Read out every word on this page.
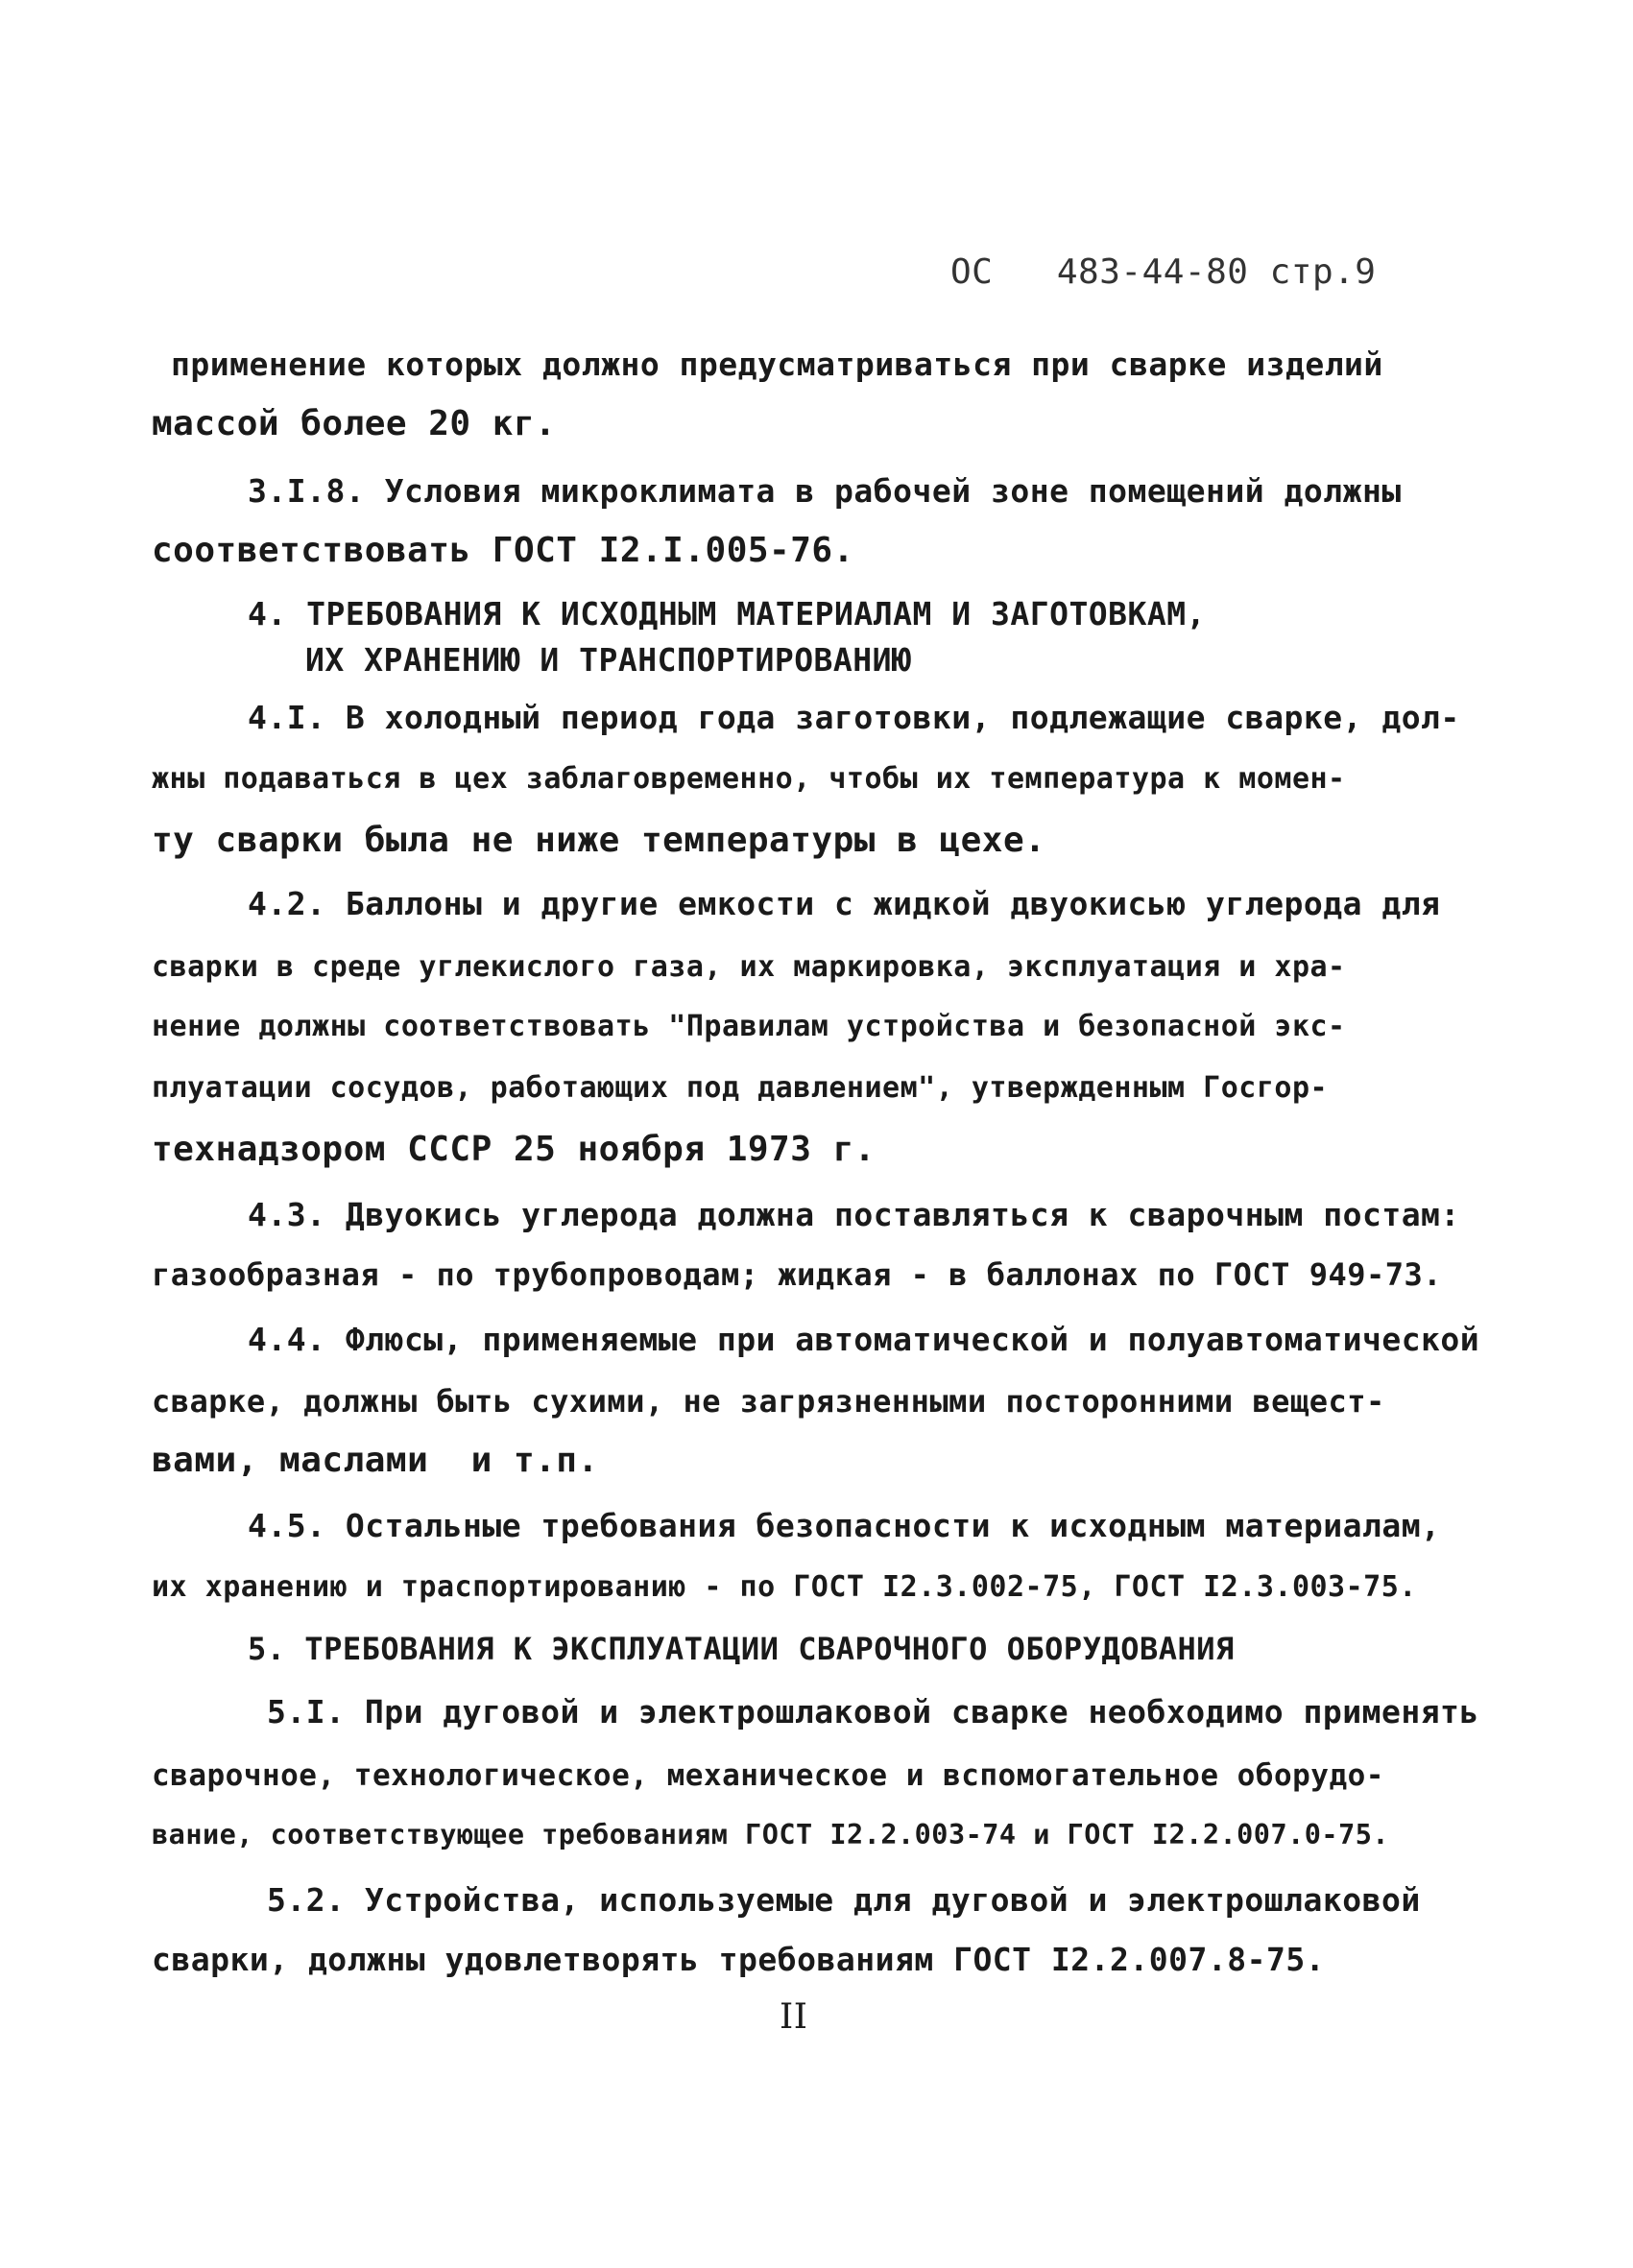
ОС   483-44-80 стр.9
применение которых должно предусматриваться при сварке изделий
массой более 20 кг.
3.I.8. Условия микроклимата в рабочей зоне помещений должны
соответствовать ГОСТ I2.I.005-76.
4. ТРЕБОВАНИЯ К ИСХОДНЫМ МАТЕРИАЛАМ И ЗАГОТОВКАМ,
ИХ ХРАНЕНИЮ И ТРАНСПОРТИРОВАНИЮ
4.I. В холодный период года заготовки, подлежащие сварке, дол-
жны подаваться в цех заблаговременно, чтобы их температура к момен-
ту сварки была не ниже температуры в цехе.
4.2. Баллоны и другие емкости с жидкой двуокисью углерода для
сварки в среде углекислого газа, их маркировка, эксплуатация и хра-
нение должны соответствовать "Правилам устройства и безопасной экс-
плуатации сосудов, работающих под давлением", утвержденным Госгор-
технадзором СССР 25 ноября 1973 г.
4.3. Двуокись углерода должна поставляться к сварочным постам:
газообразная - по трубопроводам; жидкая - в баллонах по ГОСТ 949-73.
4.4. Флюсы, применяемые при автоматической и полуавтоматической
сварке, должны быть сухими, не загрязненными посторонними вещест-
вами, маслами  и т.п.
4.5. Остальные требования безопасности к исходным материалам,
их хранению и траспортированию - по ГОСТ I2.3.002-75, ГОСТ I2.3.003-75.
5. ТРЕБОВАНИЯ К ЭКСПЛУАТАЦИИ СВАРОЧНОГО ОБОРУДОВАНИЯ
5.I. При дуговой и электрошлаковой сварке необходимо применять
сварочное, технологическое, механическое и вспомогательное оборудо-
вание, соответствующее требованиям ГОСТ I2.2.003-74 и ГОСТ I2.2.007.0-75.
5.2. Устройства, используемые для дуговой и электрошлаковой
сварки, должны удовлетворять требованиям ГОСТ I2.2.007.8-75.
II
